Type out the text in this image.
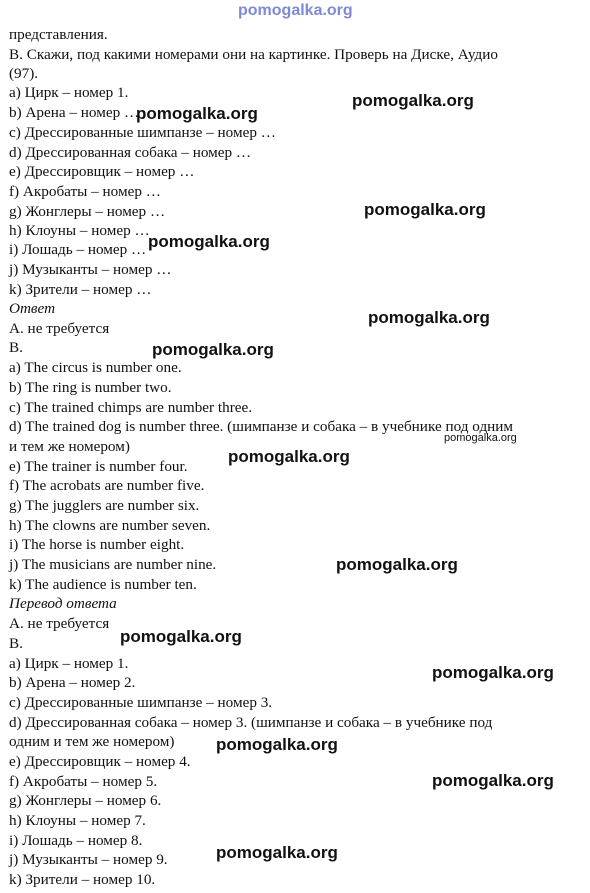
pomogalka.org
представления.
B. Скажи, под какими номерами они на картинке. Проверь на Диске, Аудио
(97).
a) Цирк – номер 1.
b) Арена – номер …
c) Дрессированные шимпанзе – номер …
d) Дрессированная собака – номер …
e) Дрессировщик – номер …
f) Акробаты – номер …
g) Жонглеры – номер …
h) Клоуны – номер …
i) Лошадь – номер …
j) Музыканты – номер …
k) Зрители – номер …
Ответ
A. не требуется
B.
a) The circus is number one.
b) The ring is number two.
c) The trained chimps are number three.
d) The trained dog is number three. (шимпанзе и собака – в учебнике под одним
и тем же номером)
e) The trainer is number four.
f) The acrobats are number five.
g) The jugglers are number six.
h) The clowns are number seven.
i) The horse is number eight.
j) The musicians are number nine.
k) The audience is number ten.
Перевод ответа
A. не требуется
B.
a) Цирк – номер 1.
b) Арена – номер 2.
c) Дрессированные шимпанзе – номер 3.
d) Дрессированная собака – номер 3. (шимпанзе и собака – в учебнике под
одним и тем же номером)
e) Дрессировщик – номер 4.
f) Акробаты – номер 5.
g) Жонглеры – номер 6.
h) Клоуны – номер 7.
i) Лошадь – номер 8.
j) Музыканты – номер 9.
k) Зрители – номер 10.
pomogalka.org
pomogalka.org
pomogalka.org
pomogalka.org
pomogalka.org
pomogalka.org
pomogalka.org
pomogalka.org
pomogalka.org
pomogalka.org
pomogalka.org
pomogalka.org
pomogalka.org
pomogalka.org
